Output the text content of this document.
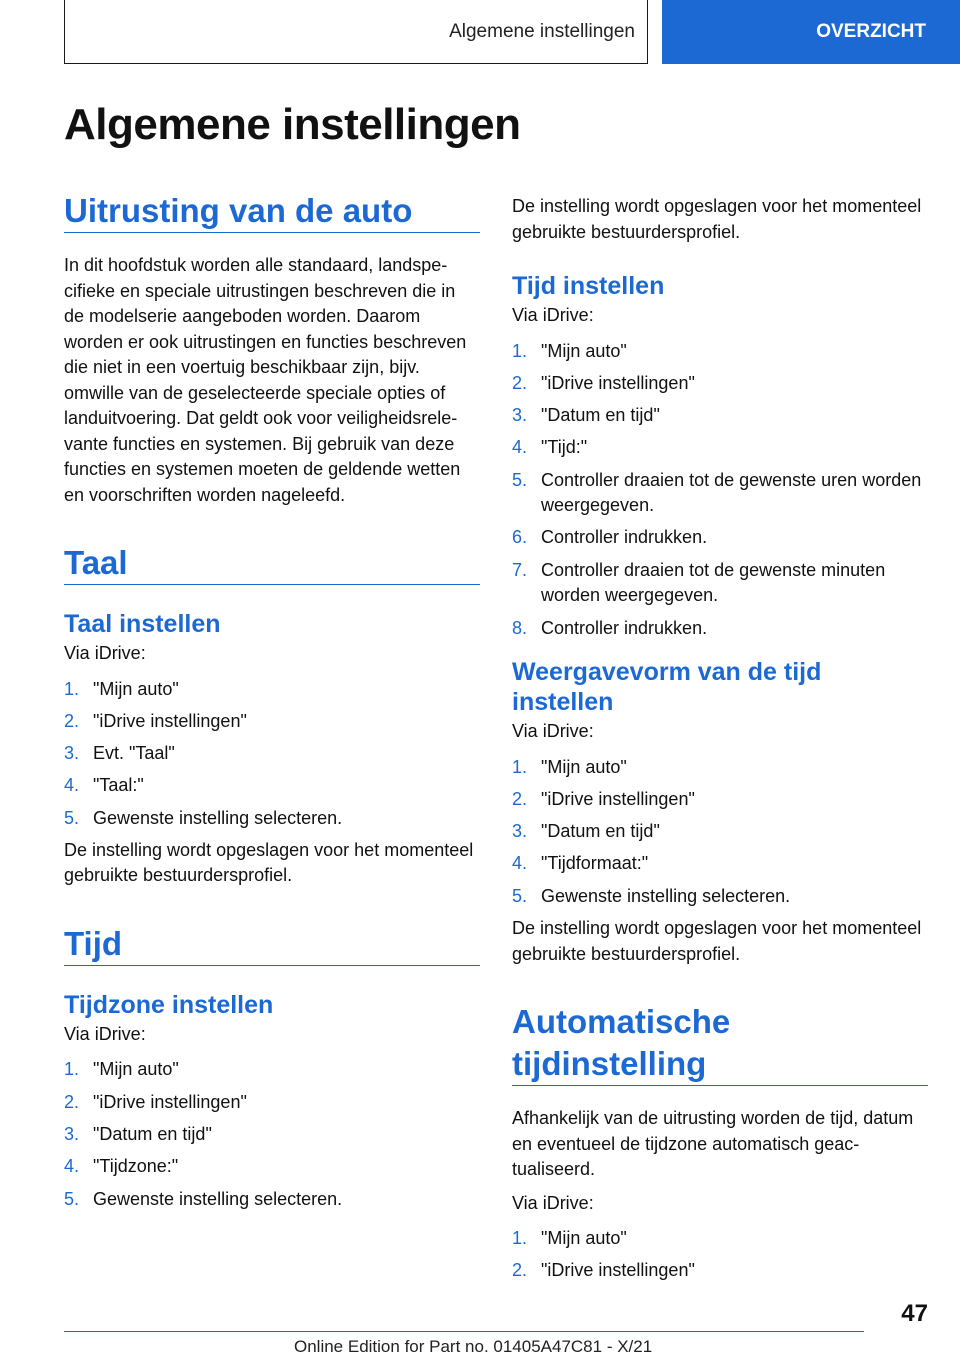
Algemene instellingen	OVERZICHT
Algemene instellingen
Uitrusting van de auto

In dit hoofdstuk worden alle standaard, landspecifieke en speciale uitrustingen beschreven die in de modelserie aangeboden worden. Daarom worden er ook uitrustingen en functies beschreven die niet in een voertuig beschikbaar zijn, bijv. omwille van de geselecteerde speciale opties of landuitvoering. Dat geldt ook voor veiligheidsrelevante functies en systemen. Bij gebruik van deze functies en systemen moeten de geldende wetten en voorschriften worden nageleefd.

Taal
Taal instellen

Via iDrive:

1. "Mijn auto"
2. "iDrive instellingen"
3. Evt. "Taal"
4. "Taal:"
5. Gewenste instelling selecteren.

De instelling wordt opgeslagen voor het momenteel gebruikte bestuurdersprofiel.

Tijd
Tijdzone instellen

Via iDrive:

1. "Mijn auto"
2. "iDrive instellingen"
3. "Datum en tijd"
4. "Tijdzone:"
5. Gewenste instelling selecteren.

De instelling wordt opgeslagen voor het momenteel gebruikte bestuurdersprofiel.

Tijd instellen

Via iDrive:

1. "Mijn auto"
2. "iDrive instellingen"
3. "Datum en tijd"
4. "Tijd:"
5. Controller draaien tot de gewenste uren worden weergegeven.
6. Controller indrukken.
7. Controller draaien tot de gewenste minuten worden weergegeven.
8. Controller indrukken.
Weergavevorm van de tijd instellen

Via iDrive:

1. "Mijn auto"
2. "iDrive instellingen"
3. "Datum en tijd"
4. "Tijdformaat:"
5. Gewenste instelling selecteren.

De instelling wordt opgeslagen voor het momenteel gebruikte bestuurdersprofiel.

Automatische tijdinstelling

Afhankelijk van de uitrusting worden de tijd, datum en eventueel de tijdzone automatisch geactualiseerd.

Via iDrive:

1. "Mijn auto"
2. "iDrive instellingen"
47
Online Edition for Part no. 01405A47C81 - X/21
